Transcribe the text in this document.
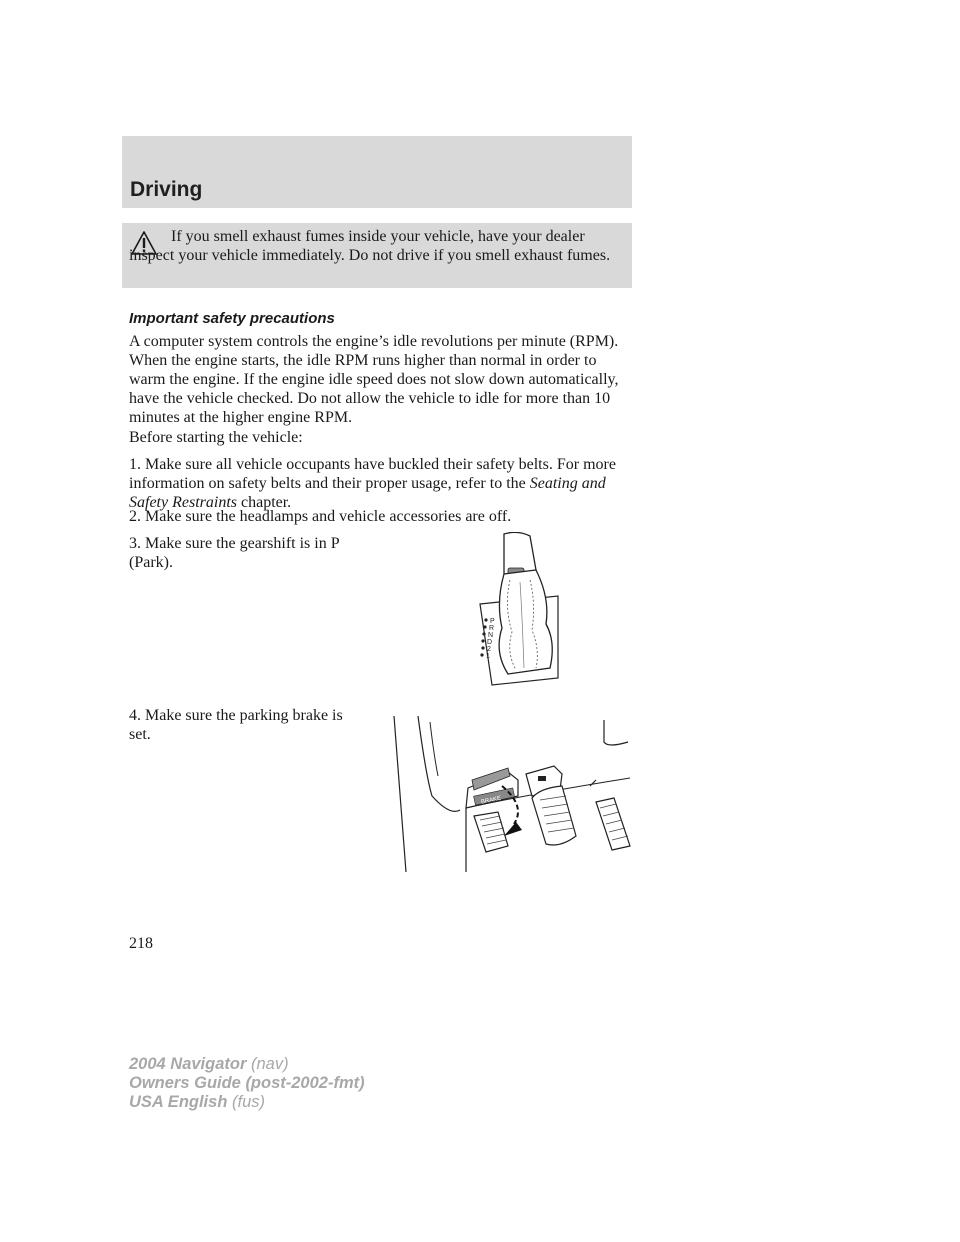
Driving

If you smell exhaust fumes inside your vehicle, have your dealer inspect your vehicle immediately. Do not drive if you smell exhaust fumes.

Important safety precautions

A computer system controls the engine’s idle revolutions per minute (RPM). When the engine starts, the idle RPM runs higher than normal in order to warm the engine. If the engine idle speed does not slow down automatically, have the vehicle checked. Do not allow the vehicle to idle for more than 10 minutes at the higher engine RPM.

Before starting the vehicle:

1. Make sure all vehicle occupants have buckled their safety belts. For more information on safety belts and their proper usage, refer to the Seating and Safety Restraints chapter.

2. Make sure the headlamps and vehicle accessories are off.

3. Make sure the gearshift is in P (Park).

4. Make sure the parking brake is set.

P
R
N
D
2
1
BRAKE
218
2004 Navigator (nav)
Owners Guide (post-2002-fmt)
USA English (fus)
